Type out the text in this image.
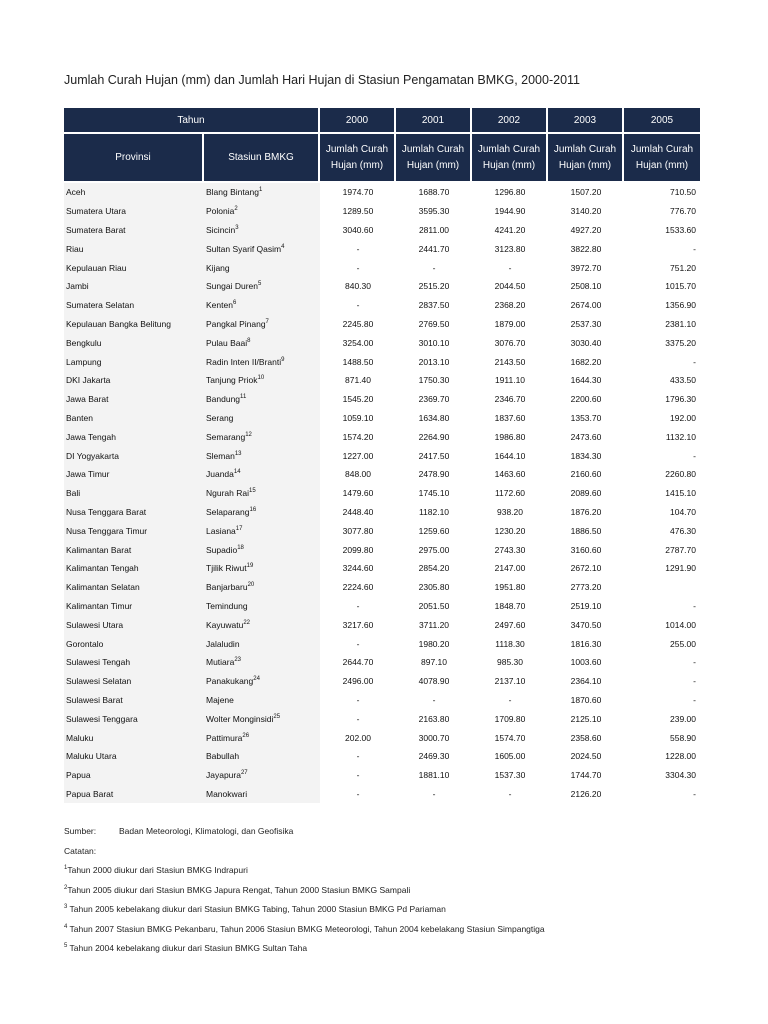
Jumlah Curah Hujan (mm) dan Jumlah Hari Hujan di Stasiun Pengamatan BMKG, 2000-2011
Tahun		2000	2001	2002	2003	2005
Provinsi	Stasiun BMKG	Jumlah Curah Hujan (mm)	Jumlah Curah Hujan (mm)	Jumlah Curah Hujan (mm)	Jumlah Curah Hujan (mm)	Jumlah Curah Hujan (mm)
Aceh	Blang Bintang$^1$	1974.70	1688.70	1296.80	1507.20	710.50
Sumatera Utara	Polonia$^2$	1289.50	3595.30	1944.90	3140.20	776.70
Sumatera Barat	Sicincin$^3$	3040.60	2811.00	4241.20	4927.20	1533.60
Riau	Sultan Syarif Qasim$^4$	-	2441.70	3123.80	3822.80	-
Kepulauan Riau	Kijang	-	-	-	3972.70	751.20
Jambi	Sungai Duren$^5$	840.30	2515.20	2044.50	2508.10	1015.70
Sumatera Selatan	Kenten$^6$	-	2837.50	2368.20	2674.00	1356.90
Kepulauan Bangka Belitung	Pangkal Pinang$^7$	2245.80	2769.50	1879.00	2537.30	2381.10
Bengkulu	Pulau Baai$^8$	3254.00	3010.10	3076.70	3030.40	3375.20
Lampung	Radin Inten II/Branti$^9$	1488.50	2013.10	2143.50	1682.20	-
DKI Jakarta	Tanjung Priok$^{10}$	871.40	1750.30	1911.10	1644.30	433.50
Jawa Barat	Bandung$^{11}$	1545.20	2369.70	2346.70	2200.60	1796.30
Banten	Serang	1059.10	1634.80	1837.60	1353.70	192.00
Jawa Tengah	Semarang$^{12}$	1574.20	2264.90	1986.80	2473.60	1132.10
DI Yogyakarta	Sleman$^{13}$	1227.00	2417.50	1644.10	1834.30	-
Jawa Timur	Juanda$^{14}$	848.00	2478.90	1463.60	2160.60	2260.80
Bali	Ngurah Rai$^{15}$	1479.60	1745.10	1172.60	2089.60	1415.10
Nusa Tenggara Barat	Selaparang$^{16}$	2448.40	1182.10	938.20	1876.20	104.70
Nusa Tenggara Timur	Lasiana$^{17}$	3077.80	1259.60	1230.20	1886.50	476.30
Kalimantan Barat	Supadio$^{18}$	2099.80	2975.00	2743.30	3160.60	2787.70
Kalimantan Tengah	Tjilik Riwut$^{19}$	3244.60	2854.20	2147.00	2672.10	1291.90
Kalimantan Selatan	Banjarbaru$^{20}$	2224.60	2305.80	1951.80	2773.20	
Kalimantan Timur	Temindung	-	2051.50	1848.70	2519.10	-
Sulawesi Utara	Kayuwatu$^{22}$	3217.60	3711.20	2497.60	3470.50	1014.00
Gorontalo	Jalaludin	-	1980.20	1118.30	1816.30	255.00
Sulawesi Tengah	Mutiara$^{23}$	2644.70	897.10	985.30	1003.60	-
Sulawesi Selatan	Panakukang$^{24}$	2496.00	4078.90	2137.10	2364.10	-
Sulawesi Barat	Majene	-	-	-	1870.60	-
Sulawesi Tenggara	Wolter Monginsidi$^{25}$	-	2163.80	1709.80	2125.10	239.00
Maluku	Pattimura$^{26}$	202.00	3000.70	1574.70	2358.60	558.90
Maluku Utara	Babullah	-	2469.30	1605.00	2024.50	1228.00
Papua	Jayapura$^{27}$	-	1881.10	1537.30	1744.70	3304.30
Papua Barat	Manokwari	-	-	-	2126.20	-
Sumber:	Badan Meteorologi, Klimatologi, dan Geofisika
Catatan:
$^1$Tahun 2000 diukur dari Stasiun BMKG Indrapuri
$^2$Tahun 2005 diukur dari Stasiun BMKG Japura Rengat, Tahun 2000 Stasiun BMKG Sampali
$^3$ Tahun 2005 kebelakang diukur dari Stasiun BMKG Tabing, Tahun 2000 Stasiun BMKG Pd Pariaman
$^4$ Tahun 2007 Stasiun BMKG Pekanbaru, Tahun 2006 Stasiun BMKG Meteorologi, Tahun 2004 kebelakang Stasiun Simpangtiga
$^5$ Tahun 2004 kebelakang diukur dari Stasiun BMKG Sultan Taha
